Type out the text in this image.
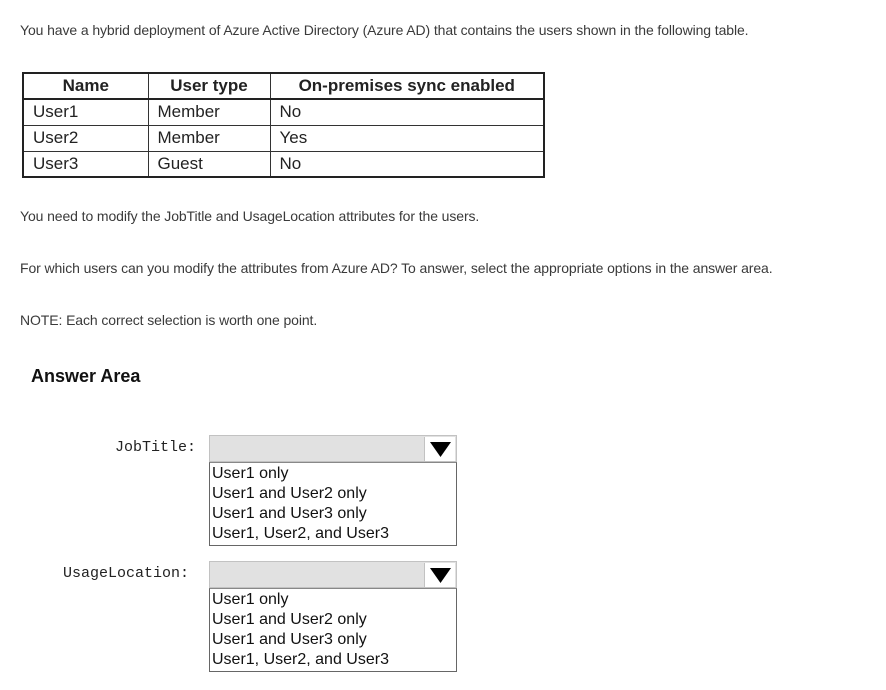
You have a hybrid deployment of Azure Active Directory (Azure AD) that contains the users shown in the following table.

Name	User type	On-premises sync enabled
User1	Member	No
User2	Member	Yes
User3	Guest	No

You need to modify the JobTitle and UsageLocation attributes for the users.

For which users can you modify the attributes from Azure AD? To answer, select the appropriate options in the answer area.

NOTE: Each correct selection is worth one point.

Answer Area
JobTitle:
User1 only
User1 and User2 only
User1 and User3 only
User1, User2, and User3
UsageLocation:
User1 only
User1 and User2 only
User1 and User3 only
User1, User2, and User3
